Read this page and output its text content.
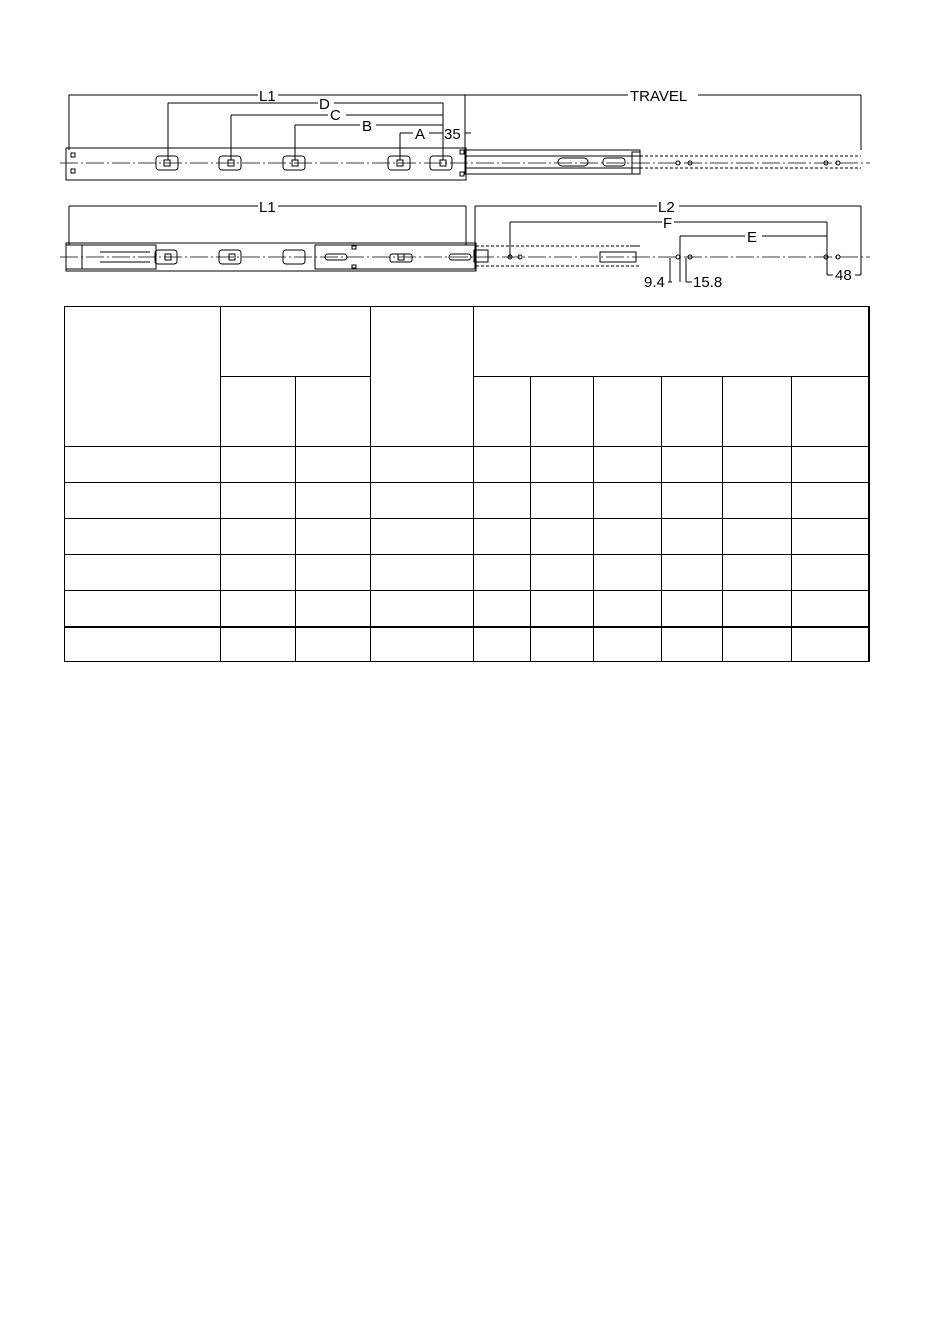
L1	TRAVEL
D
C
B	A 35
L1	L2
F
E
9.4 15.8	48
